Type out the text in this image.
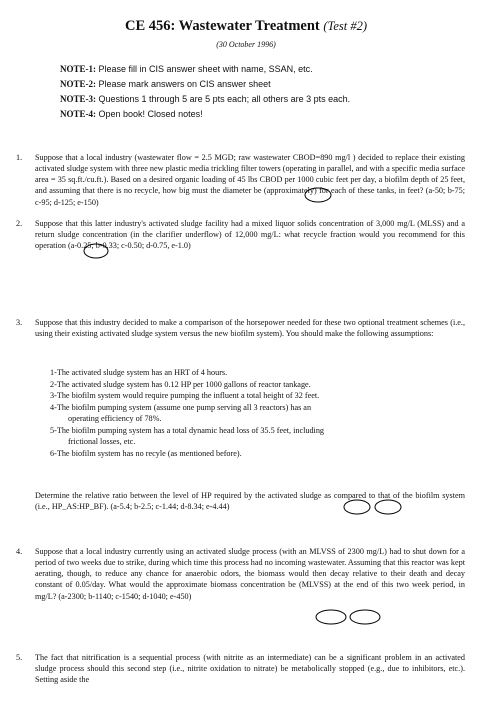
CE 456: Wastewater Treatment (Test #2)
(30 October 1996)
NOTE-1: Please fill in CIS answer sheet with name, SSAN, etc.
NOTE-2: Please mark answers on CIS answer sheet
NOTE-3: Questions 1 through 5 are 5 pts each; all others are 3 pts each.
NOTE-4: Open book! Closed notes!
1. Suppose that a local industry (wastewater flow = 2.5 MGD; raw wastewater CBOD=890 mg/l ) decided to replace their existing activated sludge system with three new plastic media trickling filter towers (operating in parallel, and with a specific media surface area = 35 sq.ft./cu.ft.). Based on a desired organic loading of 45 lbs CBOD per 1000 cubic feet per day, a biofilm depth of 25 feet, and assuming that there is no recycle, how big must the diameter be (approximately) for each of these tanks, in feet? (a-50; b-75; c-95; d-125; e-150)
2. Suppose that this latter industry's activated sludge facility had a mixed liquor solids concentration of 3,000 mg/L (MLSS) and a return sludge concentration (in the clarifier underflow) of 12,000 mg/L: what recycle fraction would you recommend for this operation (a-0.25; b-0.33; c-0.50; d-0.75, e-1.0)
3. Suppose that this industry decided to make a comparison of the horsepower needed for these two optional treatment schemes (i.e., using their existing activated sludge system versus the new biofilm system). You should make the following assumptions:
1-The activated sludge system has an HRT of 4 hours.
2-The activated sludge system has 0.12 HP per 1000 gallons of reactor tankage.
3-The biofilm system would require pumping the influent a total height of 32 feet.
4-The biofilm pumping system (assume one pump serving all 3 reactors) has an
operating efficiency of 78%.
5-The biofilm pumping system has a total dynamic head loss of 35.5 feet, including
frictional losses, etc.
6-The biofilm system has no recyle (as mentioned before).
Determine the relative ratio between the level of HP required by the activated sludge as compared to that of the biofilm system (i.e., HP_AS:HP_BF). (a-5.4; b-2.5; c-1.44; d-8.34; e-4.44)
4. Suppose that a local industry currently using an activated sludge process (with an MLVSS of 2300 mg/L) had to shut down for a period of two weeks due to strike, during which time this process had no incoming wastewater. Assuming that this reactor was kept aerating, though, to reduce any chance for anaerobic odors, the biomass would then decay relative to their death and decay constant of 0.05/day. What would the approximate biomass concentration be (MLVSS) at the end of this two week period, in mg/L? (a-2300; b-1140; c-1540; d-1040; e-450)
5. The fact that nitrification is a sequential process (with nitrite as an intermediate) can be a significant problem in an activated sludge process should this second step (i.e., nitrite oxidation to nitrate) be metabolically stopped (e.g., due to inhibitors, etc.). Setting aside the
